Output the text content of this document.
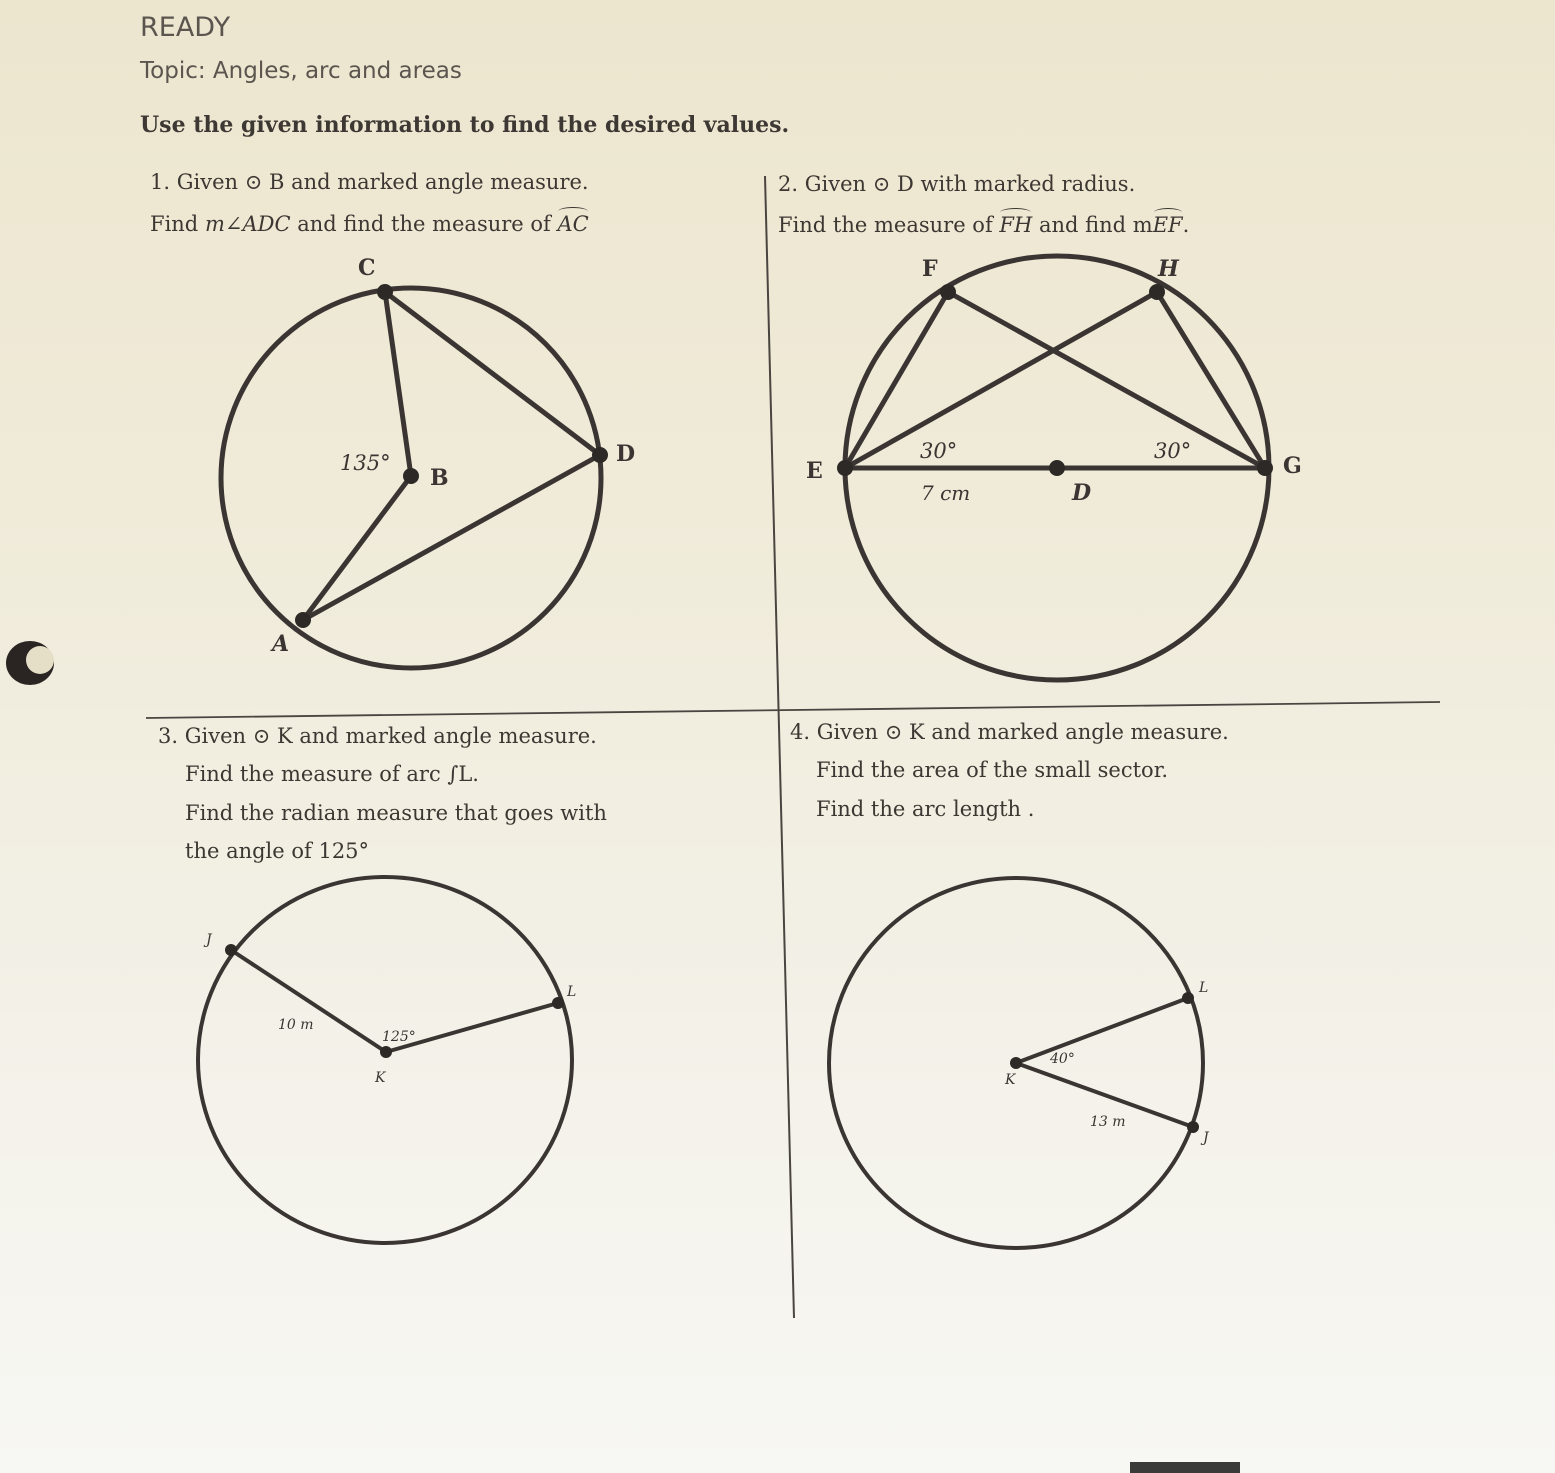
READY
Topic: Angles, arc and areas
Use the given information to find the desired values.
1. Given ⊙ B and marked angle measure.
Find m∠ADC and find the measure of AC
2. Given ⊙ D with marked radius.
Find the measure of FH and find mEF.
3. Given ⊙ K and marked angle measure.
Find the measure of arc ∫L.
Find the radian measure that goes with
the angle of 125°
4. Given ⊙ K and marked angle measure.
Find the area of the small sector.
Find the arc length .
C
D
A
B
135°
F	H
E	G
D
30°	30°
7 cm
J
L
K
10 m
125°
L
J
K
40°
13 m
